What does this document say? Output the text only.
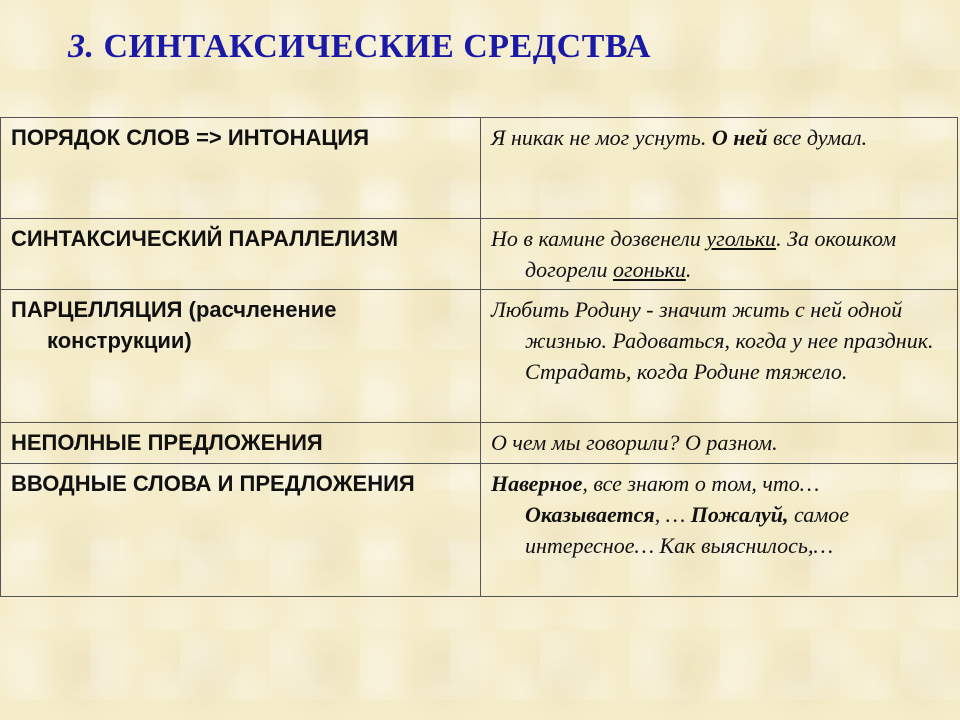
3. СИНТАКСИЧЕСКИЕ СРЕДСТВА
ПОРЯДОК СЛОВ => ИНТОНАЦИЯ	Я никак не мог уснуть. О ней все думал.

СИНТАКСИЧЕСКИЙ ПАРАЛЛЕЛИЗМ	Но в камине дозвенели угольки. За окошком догорели огоньки.

ПАРЦЕЛЛЯЦИЯ (расчленение конструкции)	Любить Родину - значит жить с ней одной жизнью. Радоваться, когда у нее праздник. Страдать, когда Родине тяжело.

НЕПОЛНЫЕ ПРЕДЛОЖЕНИЯ	О чем мы говорили? О разном.

ВВОДНЫЕ СЛОВА И ПРЕДЛОЖЕНИЯ	Наверное, все знают о том, что… Оказывается, … Пожалуй, самое интересное… Как выяснилось,…
